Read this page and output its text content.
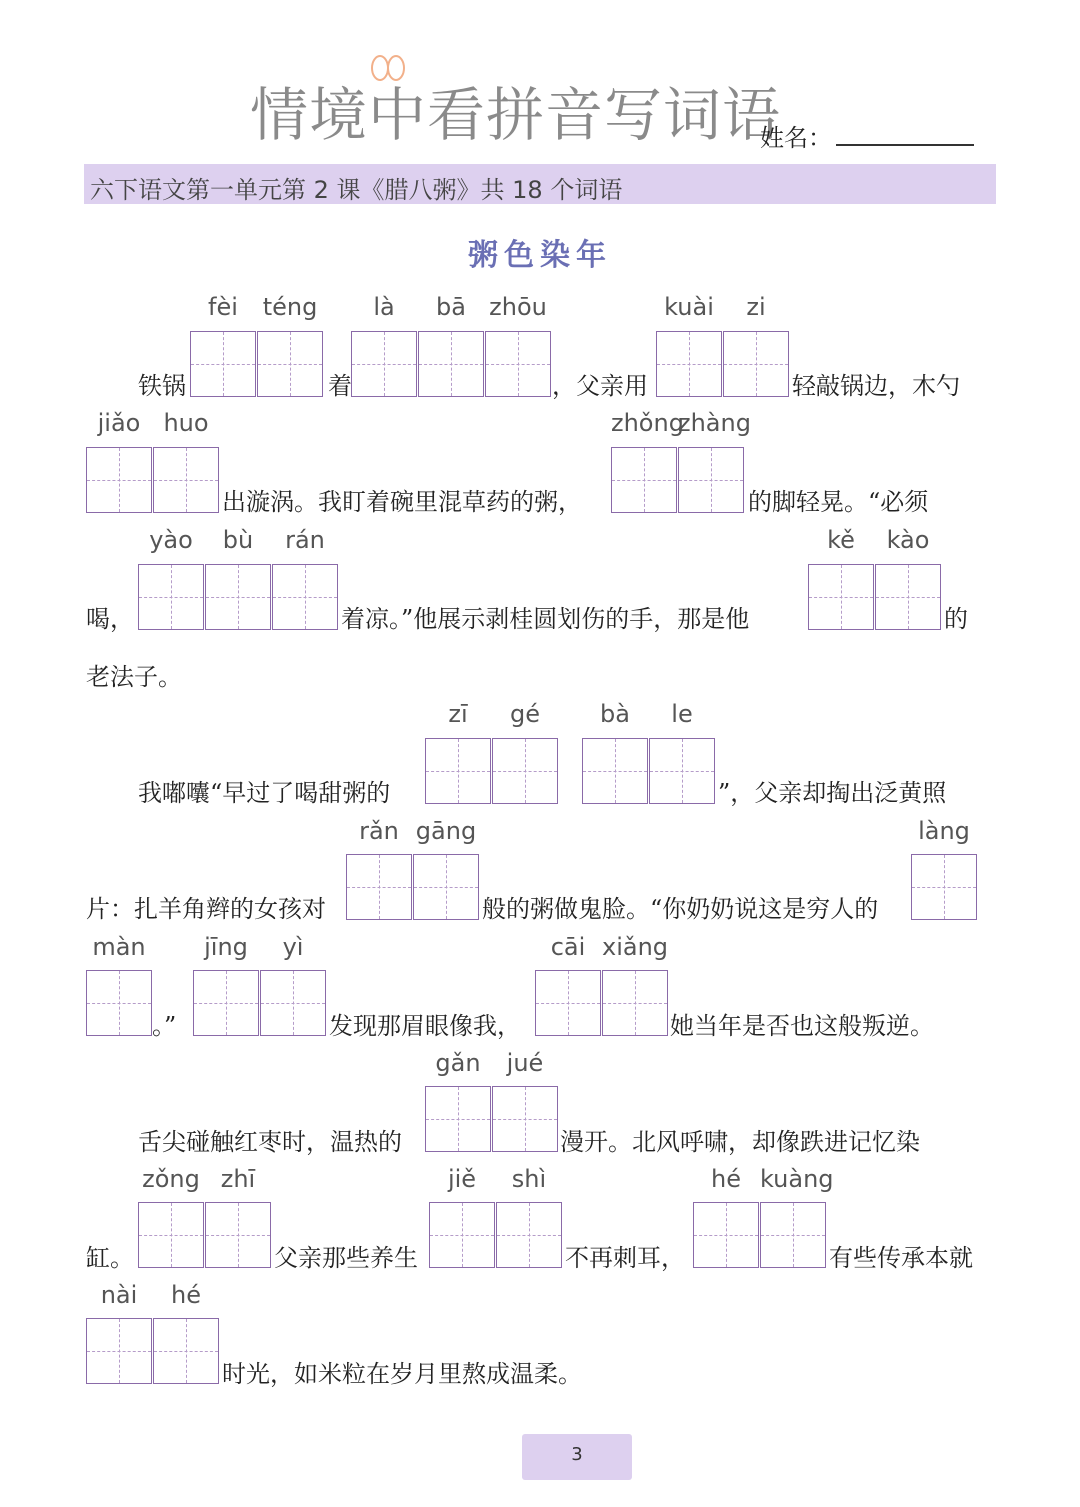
情境中看拼音写词语
姓名：
六下语文第一单元第 2 课《腊八粥》共 18 个词语
粥色染年
fèi	téng	là	bā zhōu	kuài	zi
铁锅	着	，父亲用	轻敲锅边，木勺
jiǎo huo	zhǒng
zhàng
出漩涡。我盯着碗里混草药的粥，	的脚轻晃。“必须
yào	bù	rán	kě	kào
喝，	着凉。”他展示剥桂圆划伤的手，那是他	的
老法子。
zī	gé	bà	le
我嘟囔“早过了喝甜粥的	”，父亲却掏出泛黄照
rǎn gāng	làng
片：扎羊角辫的女孩对	般的粥做鬼脸。“你奶奶说这是穷人的
màn	jīng	yì	cāi xiǎng
。”	发现那眉眼像我，	她当年是否也这般叛逆。
gǎn	jué
舌尖碰触红枣时，温热的	漫开。北风呼啸，却像跌进记忆染
zǒng zhī	jiě	shì	hé kuàng
缸。	父亲那些养生	不再刺耳，	有些传承本就
nài	hé
时光，如米粒在岁月里熬成温柔。
3
